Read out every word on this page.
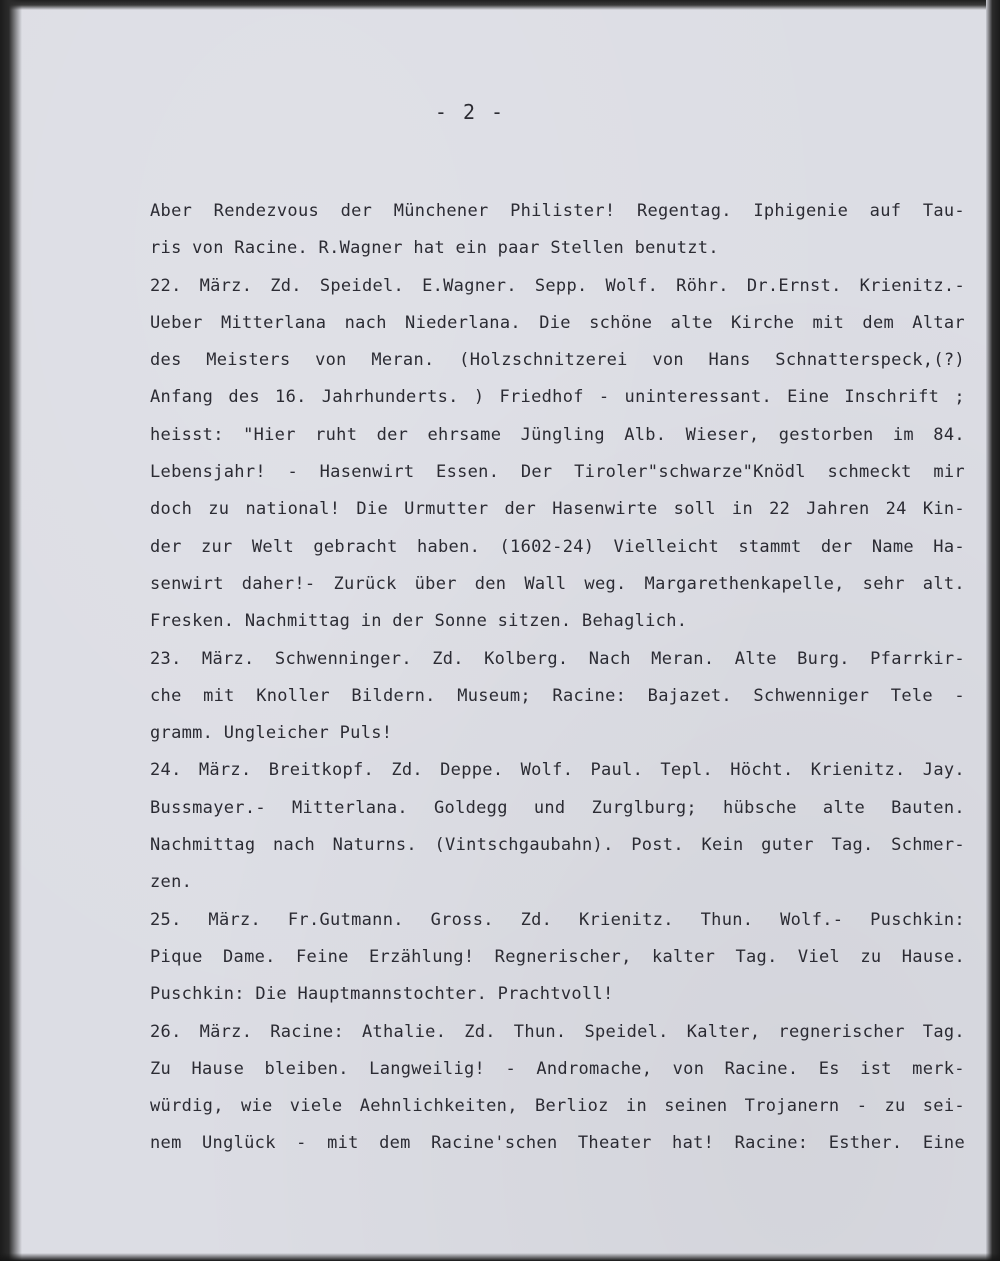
- 2 -
Aber Rendezvous der Münchener Philister! Regentag. Iphigenie auf Tau-
ris von Racine. R.Wagner hat ein paar Stellen benutzt.
22. März. Zd. Speidel. E.Wagner. Sepp. Wolf. Röhr. Dr.Ernst. Krienitz.-
Ueber Mitterlana nach Niederlana. Die schöne alte Kirche mit dem Altar
des Meisters von Meran. (Holzschnitzerei von Hans Schnatterspeck,(?)
Anfang des 16. Jahrhunderts. ) Friedhof - uninteressant. Eine Inschrift ;
heisst: "Hier ruht der ehrsame Jüngling Alb. Wieser, gestorben im 84.
Lebensjahr! - Hasenwirt Essen. Der Tiroler"schwarze"Knödl schmeckt mir
doch zu national! Die Urmutter der Hasenwirte soll in 22 Jahren 24 Kin-
der zur Welt gebracht haben. (1602-24) Vielleicht stammt der Name Ha-
senwirt daher!- Zurück über den Wall weg. Margarethenkapelle, sehr alt.
Fresken. Nachmittag in der Sonne sitzen. Behaglich.
23. März. Schwenninger. Zd. Kolberg. Nach Meran. Alte Burg. Pfarrkir-
che mit Knoller Bildern. Museum; Racine: Bajazet. Schwenniger Tele -
gramm. Ungleicher Puls!
24. März. Breitkopf. Zd. Deppe. Wolf. Paul. Tepl. Höcht. Krienitz. Jay.
Bussmayer.- Mitterlana. Goldegg und Zurglburg; hübsche alte Bauten.
Nachmittag nach Naturns. (Vintschgaubahn). Post. Kein guter Tag. Schmer-
zen.
25. März. Fr.Gutmann. Gross. Zd. Krienitz. Thun. Wolf.- Puschkin:
Pique Dame. Feine Erzählung! Regnerischer, kalter Tag. Viel zu Hause.
Puschkin: Die Hauptmannstochter. Prachtvoll!
26. März. Racine: Athalie. Zd. Thun. Speidel. Kalter, regnerischer Tag.
Zu Hause bleiben. Langweilig! - Andromache, von Racine. Es ist merk-
würdig, wie viele Aehnlichkeiten, Berlioz in seinen Trojanern - zu sei-
nem Unglück - mit dem Racine'schen Theater hat! Racine: Esther. Eine
